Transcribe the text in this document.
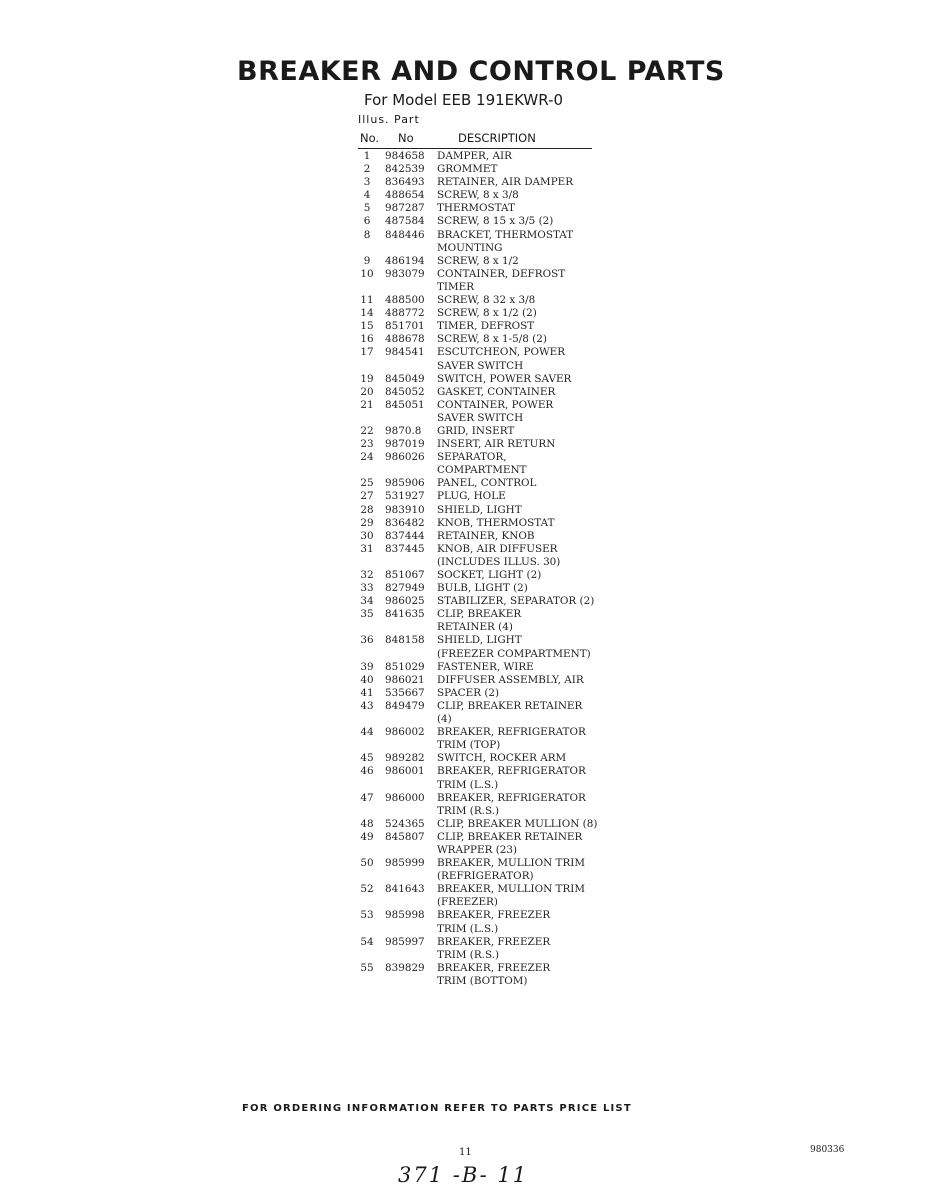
BREAKER AND CONTROL PARTS
For Model EEB 191EKWR-0
Illus. Part
No. No	DESCRIPTION
1	984658 DAMPER, AIR
2	842539 GROMMET
3	836493 RETAINER, AIR DAMPER
4	488654 SCREW, 8 x 3/8
5	987287 THERMOSTAT
6	487584 SCREW, 8 15 x 3/5 (2)
8	848446 BRACKET, THERMOSTAT
MOUNTING
9	486194 SCREW, 8 x 1/2
10 983079 CONTAINER, DEFROST
TIMER
11 488500 SCREW, 8 32 x 3/8
14 488772 SCREW, 8 x 1/2 (2)
15 851701 TIMER, DEFROST
16 488678 SCREW, 8 x 1-5/8 (2)
17 984541 ESCUTCHEON, POWER
SAVER SWITCH
19 845049 SWITCH, POWER SAVER
20 845052 GASKET, CONTAINER
21 845051 CONTAINER, POWER
SAVER SWITCH
22 9870.8 GRID, INSERT
23 987019 INSERT, AIR RETURN
24 986026 SEPARATOR, COMPARTMENT
25 985906 PANEL, CONTROL
27 531927 PLUG, HOLE
28 983910 SHIELD, LIGHT
29 836482 KNOB, THERMOSTAT
30 837444 RETAINER, KNOB
31 837445 KNOB, AIR DIFFUSER
(INCLUDES ILLUS. 30)
32 851067 SOCKET, LIGHT (2)
33 827949 BULB, LIGHT (2)
34 986025 STABILIZER, SEPARATOR (2)
35 841635 CLIP, BREAKER
RETAINER (4)
36 848158 SHIELD, LIGHT
(FREEZER COMPARTMENT)
39 851029 FASTENER, WIRE
40 986021 DIFFUSER ASSEMBLY, AIR
41 535667 SPACER (2)
43 849479 CLIP, BREAKER RETAINER (4)
44 986002 BREAKER, REFRIGERATOR
TRIM (TOP)
45 989282 SWITCH, ROCKER ARM
46 986001 BREAKER, REFRIGERATOR
TRIM (L.S.)
47 986000 BREAKER, REFRIGERATOR
TRIM (R.S.)
48 524365 CLIP, BREAKER MULLION (8)
49 845807 CLIP, BREAKER RETAINER
WRAPPER (23)
50 985999 BREAKER, MULLION TRIM
(REFRIGERATOR)
52 841643 BREAKER, MULLION TRIM
(FREEZER)
53 985998 BREAKER, FREEZER
TRIM (L.S.)
54 985997 BREAKER, FREEZER
TRIM (R.S.)
55 839829 BREAKER, FREEZER
TRIM (BOTTOM)
FOR ORDERING INFORMATION REFER TO PARTS PRICE LIST
11	980336
371 -B- 11
